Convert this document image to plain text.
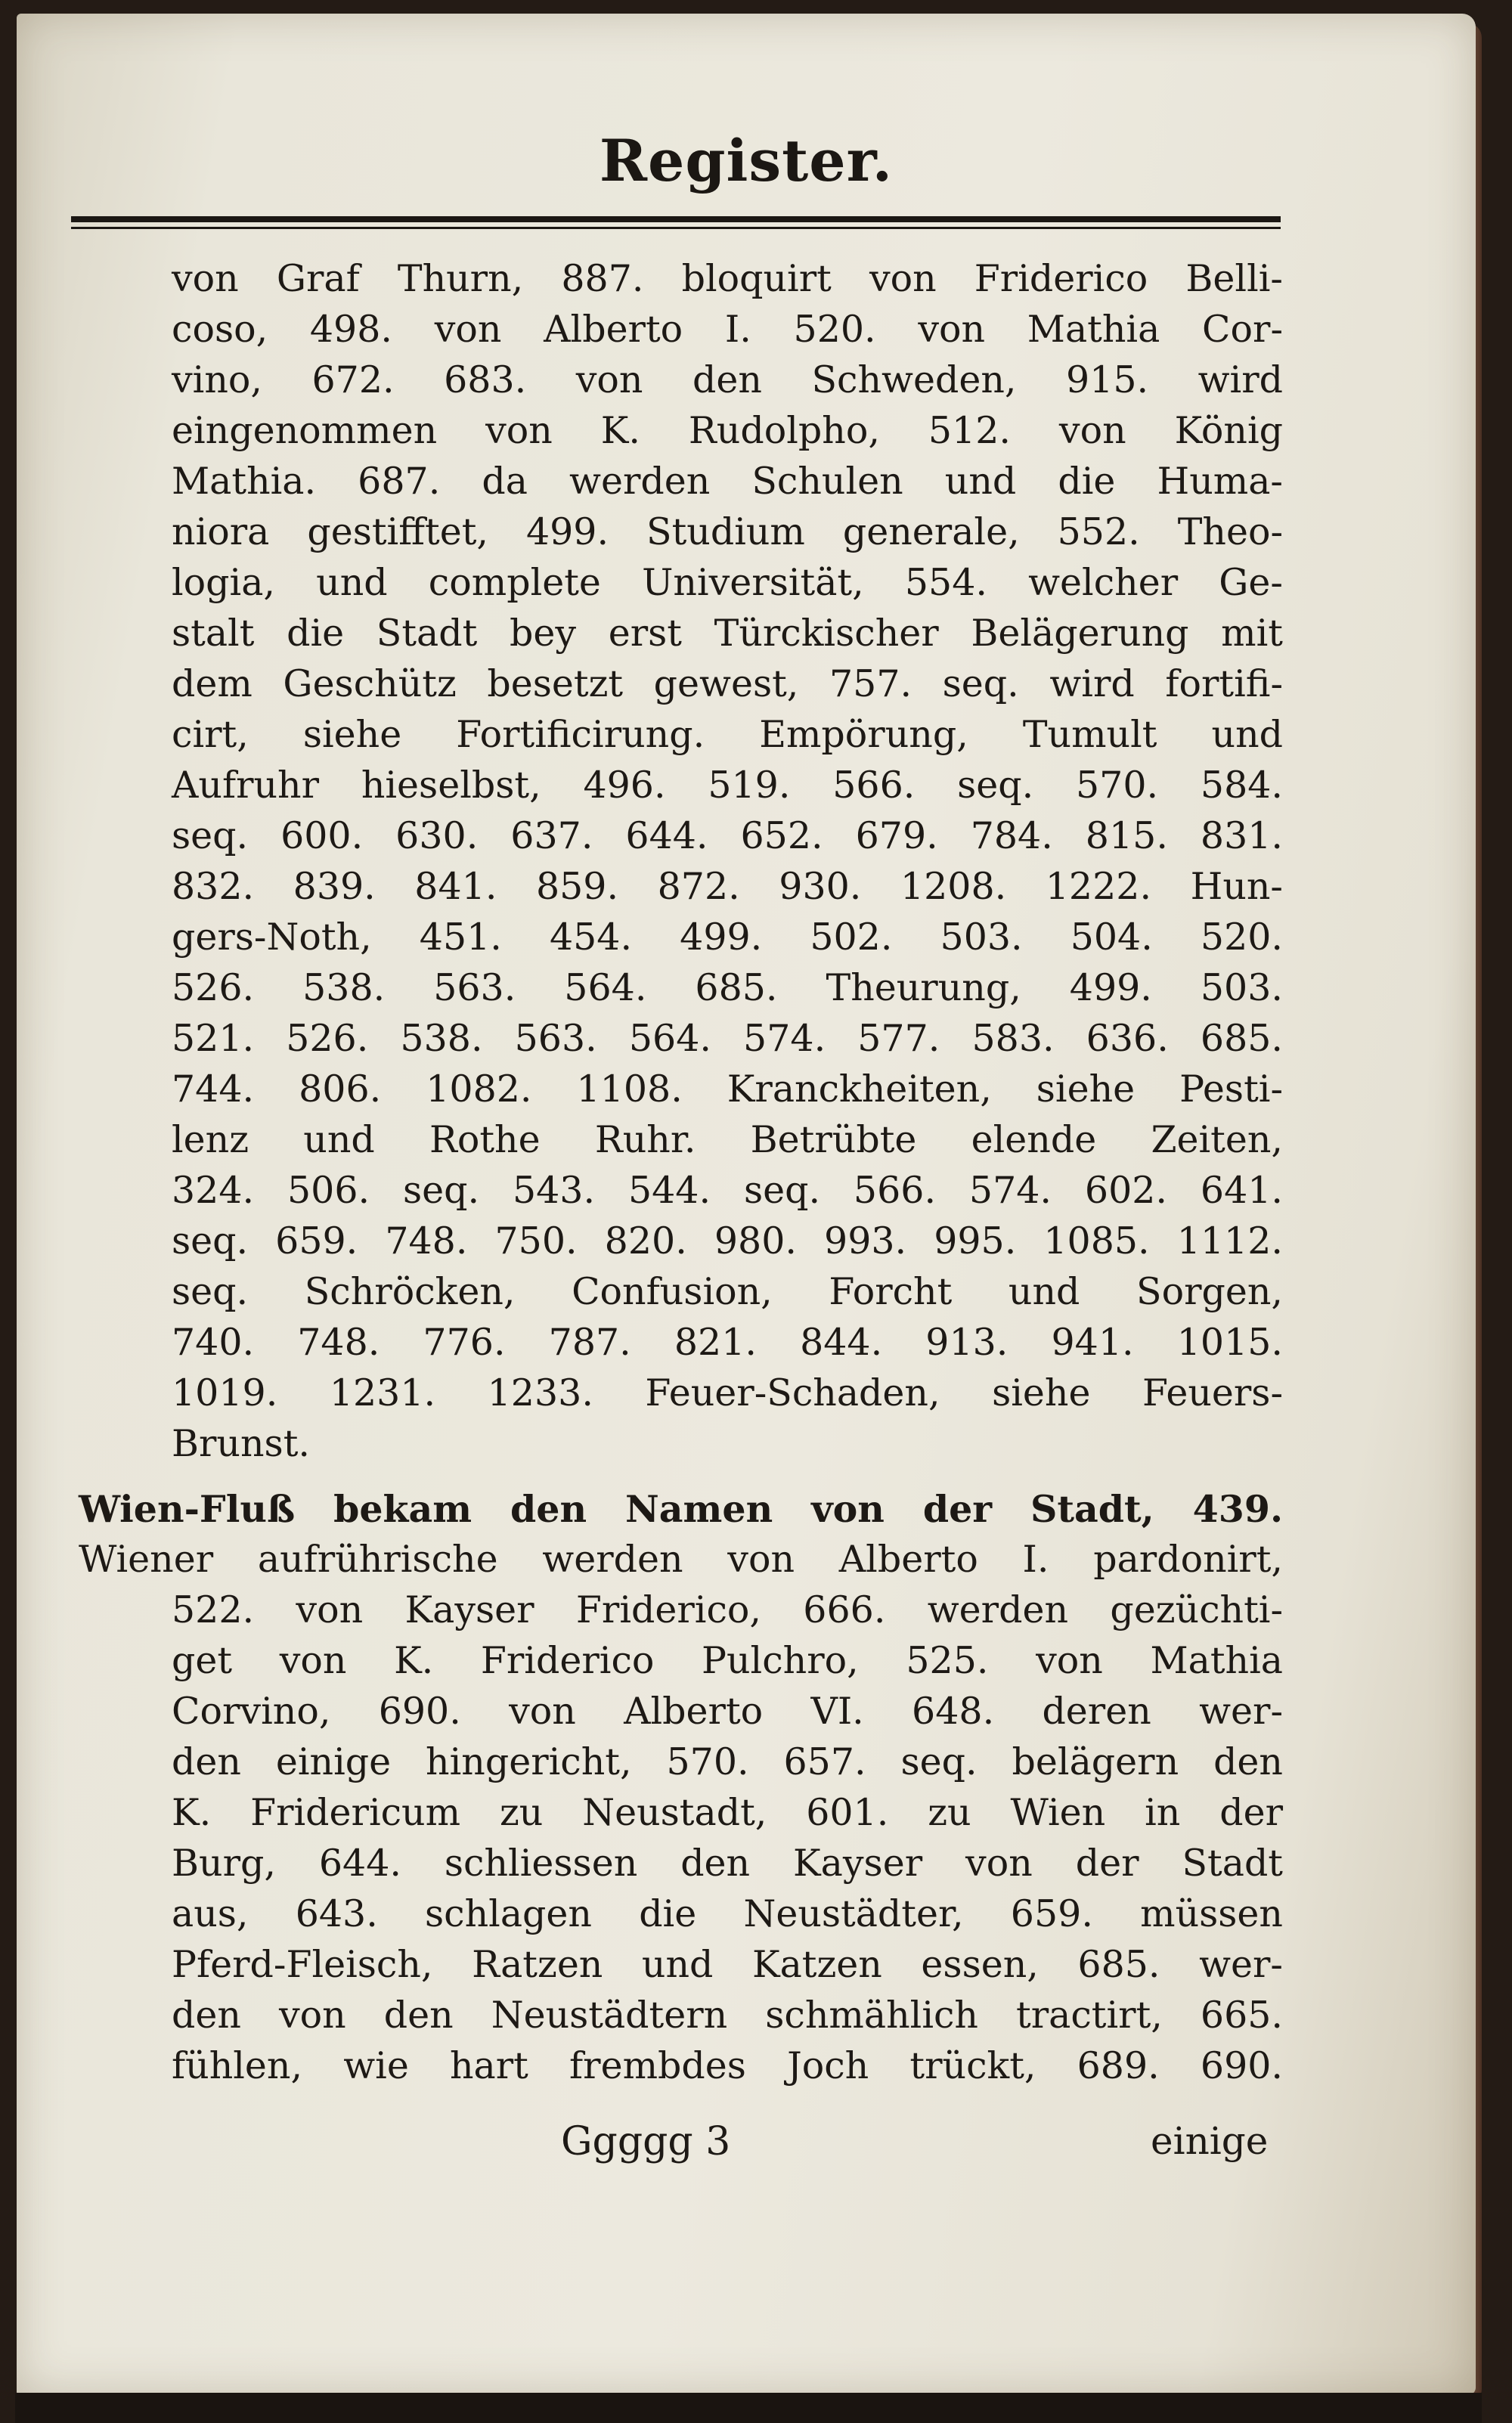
Register.
von Graf Thurn, 887. bloquirt von Friderico Belli-
coso, 498. von Alberto I. 520. von Mathia Cor-
vino, 672. 683. von den Schweden, 915. wird
eingenommen von K. Rudolpho, 512. von König
Mathia. 687. da werden Schulen und die Huma-
niora gestifftet, 499. Studium generale, 552. Theo-
logia, und complete Universität, 554. welcher Ge-
stalt die Stadt bey erst Türckischer Belägerung mit
dem Geschütz besetzt gewest, 757. seq. wird fortifi-
cirt, siehe Fortificirung. Empörung, Tumult und
Aufruhr hieselbst, 496. 519. 566. seq. 570. 584.
seq. 600. 630. 637. 644. 652. 679. 784. 815. 831.
832. 839. 841. 859. 872. 930. 1208. 1222. Hun-
gers-Noth, 451. 454. 499. 502. 503. 504. 520.
526. 538. 563. 564. 685. Theurung, 499. 503.
521. 526. 538. 563. 564. 574. 577. 583. 636. 685.
744. 806. 1082. 1108. Kranckheiten, siehe Pesti-
lenz und Rothe Ruhr. Betrübte elende Zeiten,
324. 506. seq. 543. 544. seq. 566. 574. 602. 641.
seq. 659. 748. 750. 820. 980. 993. 995. 1085. 1112.
seq. Schröcken, Confusion, Forcht und Sorgen,
740. 748. 776. 787. 821. 844. 913. 941. 1015.
1019. 1231. 1233. Feuer-Schaden, siehe Feuers-
Brunst.
Wien-Fluß bekam den Namen von der Stadt, 439.
Wiener aufrührische werden von Alberto I. pardonirt,
522. von Kayser Friderico, 666. werden gezüchti-
get von K. Friderico Pulchro, 525. von Mathia
Corvino, 690. von Alberto VI. 648. deren wer-
den einige hingericht, 570. 657. seq. belägern den
K. Fridericum zu Neustadt, 601. zu Wien in der
Burg, 644. schliessen den Kayser von der Stadt
aus, 643. schlagen die Neustädter, 659. müssen
Pferd-Fleisch, Ratzen und Katzen essen, 685. wer-
den von den Neustädtern schmählich tractirt, 665.
fühlen, wie hart frembdes Joch trückt, 689. 690.
Ggggg 3	einige
